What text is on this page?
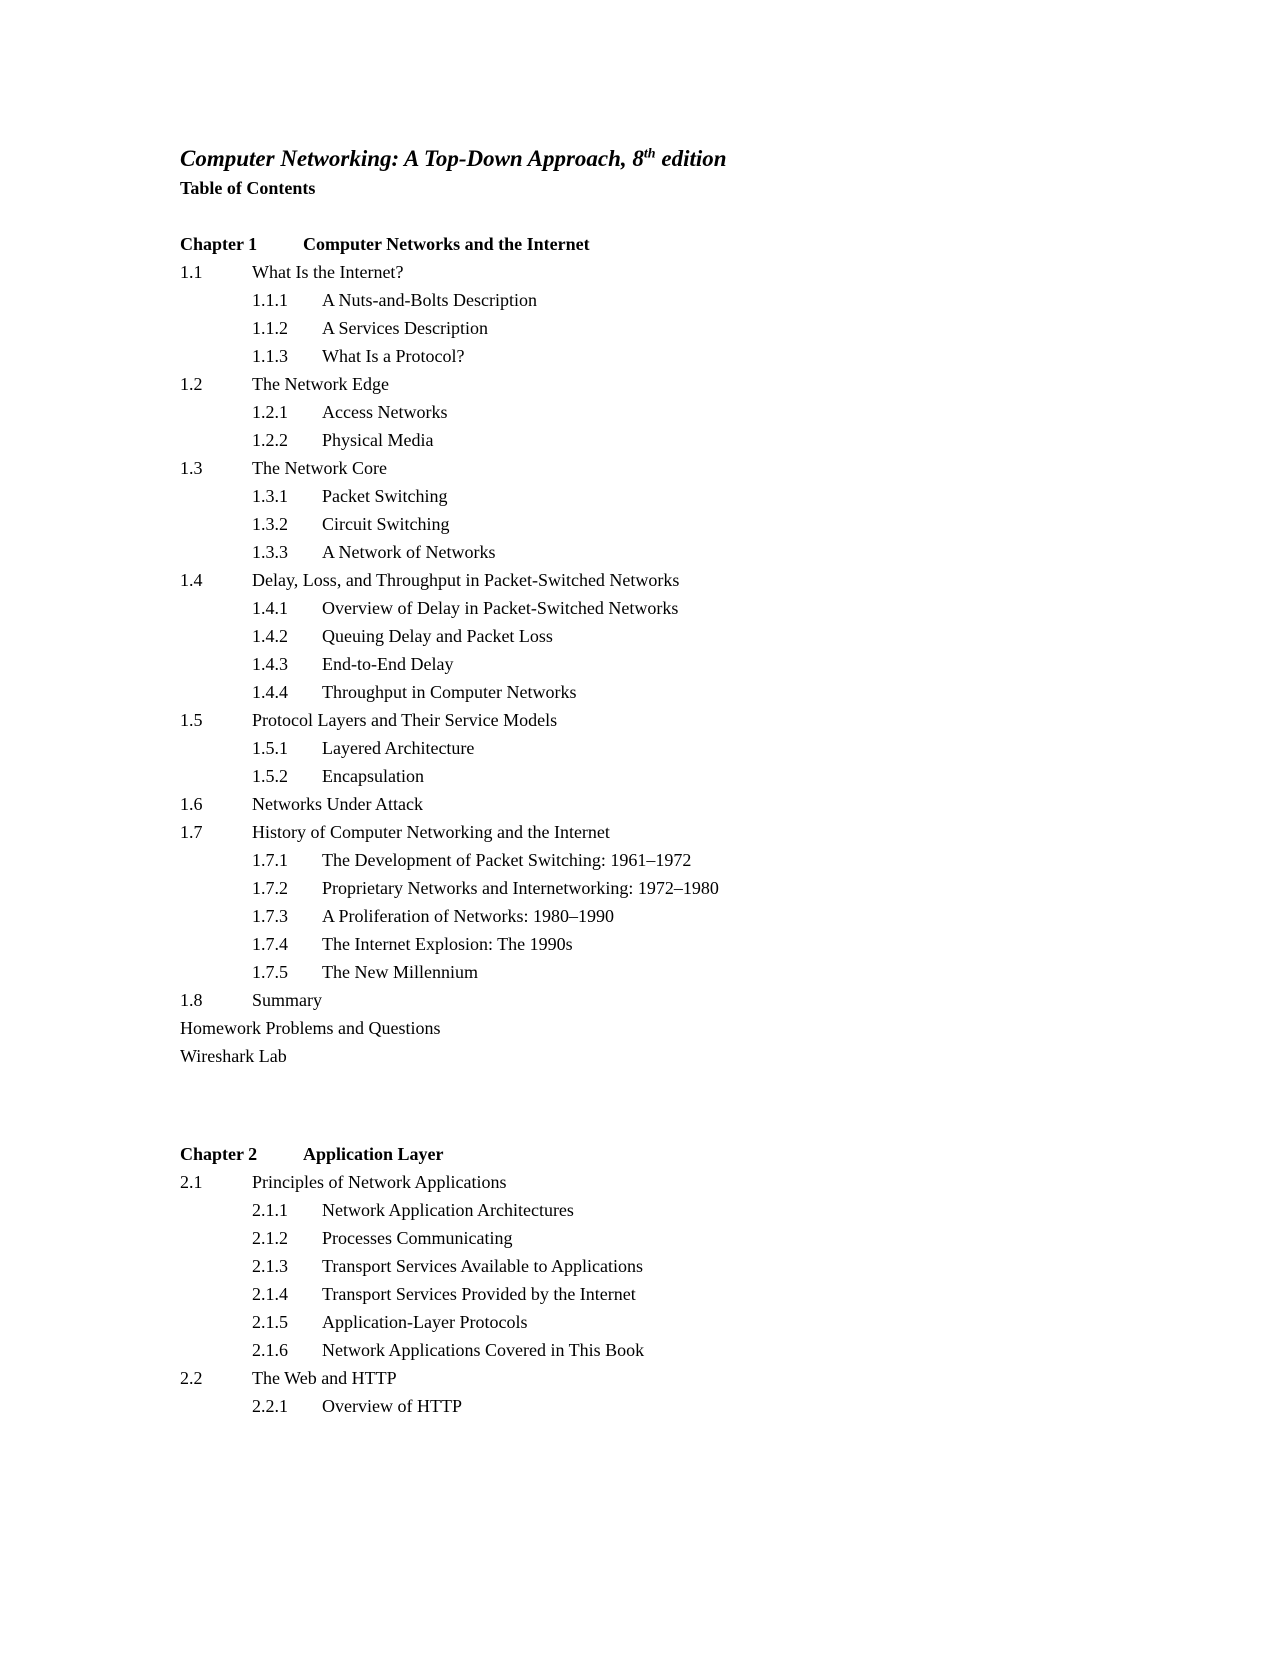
Computer Networking: A Top-Down Approach, 8th edition
Table of Contents
Chapter 1	Computer Networks and the Internet
1.1	What Is the Internet?
1.1.1 A Nuts-and-Bolts Description
1.1.2 A Services Description
1.1.3 What Is a Protocol?
1.2	The Network Edge
1.2.1 Access Networks
1.2.2 Physical Media
1.3	The Network Core
1.3.1 Packet Switching
1.3.2 Circuit Switching
1.3.3 A Network of Networks
1.4	Delay, Loss, and Throughput in Packet-Switched Networks
1.4.1 Overview of Delay in Packet-Switched Networks
1.4.2 Queuing Delay and Packet Loss
1.4.3 End-to-End Delay
1.4.4 Throughput in Computer Networks
1.5	Protocol Layers and Their Service Models
1.5.1 Layered Architecture
1.5.2 Encapsulation
1.6	Networks Under Attack
1.7	History of Computer Networking and the Internet
1.7.1 The Development of Packet Switching: 1961–1972
1.7.2 Proprietary Networks and Internetworking: 1972–1980
1.7.3 A Proliferation of Networks: 1980–1990
1.7.4 The Internet Explosion: The 1990s
1.7.5 The New Millennium
1.8	Summary
Homework Problems and Questions
Wireshark Lab
Chapter 2	Application Layer
2.1	Principles of Network Applications
2.1.1 Network Application Architectures
2.1.2 Processes Communicating
2.1.3 Transport Services Available to Applications
2.1.4 Transport Services Provided by the Internet
2.1.5 Application-Layer Protocols
2.1.6 Network Applications Covered in This Book
2.2	The Web and HTTP
2.2.1 Overview of HTTP
